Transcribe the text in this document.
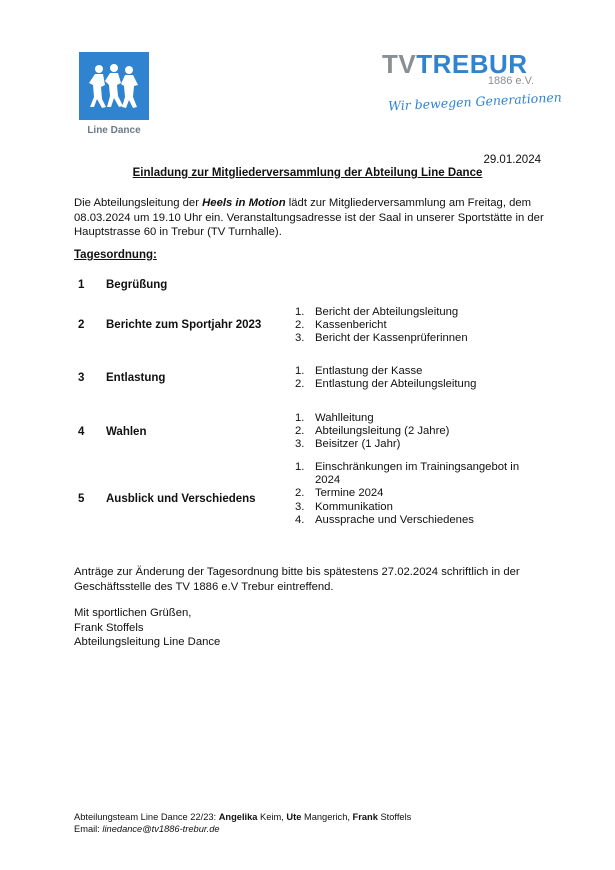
Line Dance
TVTREBUR
1886 e.V.
Wir bewegen Generationen
29.01.2024
Einladung zur Mitgliederversammlung der Abteilung Line Dance
Die Abteilungsleitung der Heels in Motion lädt zur Mitgliederversammlung am Freitag, dem 08.03.2024 um 19.10 Uhr ein. Veranstaltungsadresse ist der Saal in unserer Sportstätte in der Hauptstrasse 60 in Trebur (TV Turnhalle).
Tagesordnung:
1 Begrüßung
2 Berichte zum Sportjahr 2023
1. Bericht der Abteilungsleitung
2. Kassenbericht
3. Bericht der Kassenprüferinnen
3 Entlastung
1. Entlastung der Kasse
2. Entlastung der Abteilungsleitung
4 Wahlen
1. Wahlleitung
2. Abteilungsleitung (2 Jahre)
3. Beisitzer (1 Jahr)
5 Ausblick und Verschiedens
1. Einschränkungen im Trainingsangebot in 2024
2. Termine 2024
3. Kommunikation
4. Aussprache und Verschiedenes
Anträge zur Änderung der Tagesordnung bitte bis spätestens 27.02.2024 schriftlich in der Geschäftsstelle des TV 1886 e.V Trebur eintreffend.
Mit sportlichen Grüßen,
Frank Stoffels
Abteilungsleitung Line Dance
Abteilungsteam Line Dance 22/23: Angelika Keim, Ute Mangerich, Frank Stoffels
Email: linedance@tv1886-trebur.de
